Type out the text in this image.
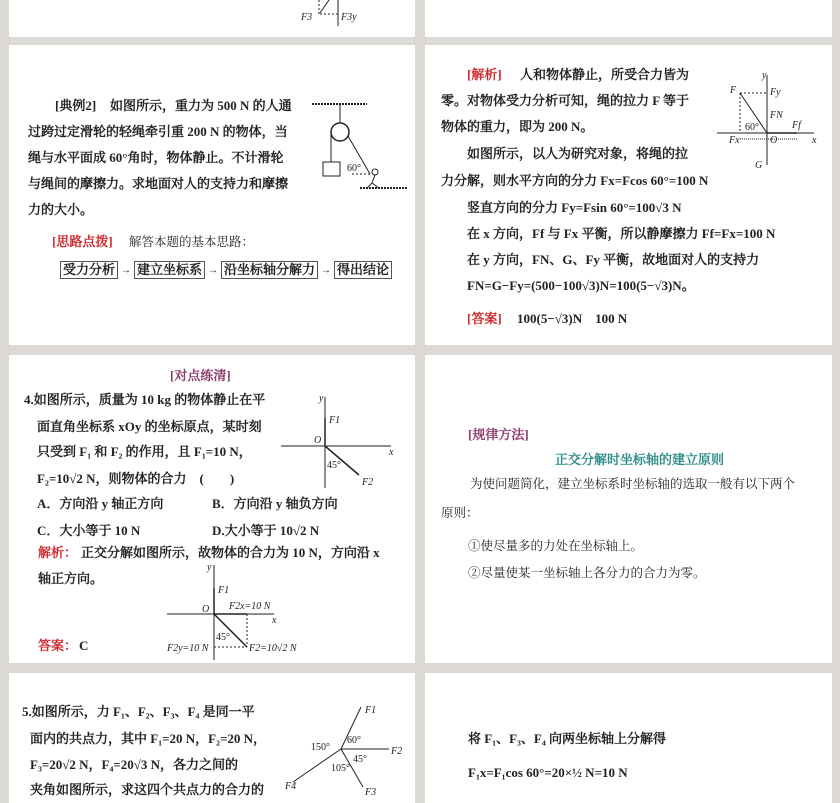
F3	F3y
[典例2] 如图所示，重力为 500 N 的人通
过跨过定滑轮的轻绳牵引重 200 N 的物体，当
绳与水平面成 60°角时，物体静止。不计滑轮
与绳间的摩擦力。求地面对人的支持力和摩擦
力的大小。
60°
[思路点拨] 解答本题的基本思路：
受力分析 → 建立坐标系 → 沿坐标轴分解力 → 得出结论
[解析] 人和物体静止，所受合力皆为
零。对物体受力分析可知，绳的拉力 F 等于
物体的重力，即为 200 N。
如图所示，以人为研究对象，将绳的拉
力分解，则水平方向的分力 Fx=Fcos 60°=100 N
竖直方向的分力 Fy=Fsin 60°=100√3 N
在 x 方向，Ff 与 Fx 平衡，所以静摩擦力 Ff=Fx=100 N
在 y 方向，FN、G、Fy 平衡，故地面对人的支持力
FN=G−Fy=(500−100√3)N=100(5−√3)N。
[答案] 100(5−√3)N　100 N
y
x
F	Fy
FN
Ff
Fx	O
G
60°
[对点练清]
4.如图所示，质量为 10 kg 的物体静止在平
面直角坐标系 xOy 的坐标原点，某时刻
只受到 F₁ 和 F₂ 的作用，且 F₁=10 N，
F₂=10√2 N，则物体的合力　(　　)
A．方向沿 y 轴正方向	B．方向沿 y 轴负方向
C．大小等于 10 N	D.大小等于 10√2 N
解析： 正交分解如图所示，故物体的合力为 10 N，方向沿 x
轴正方向。
答案： C
y
x
O
F1
F2
45°
y
x
O
F1
F2x=10 N
F2y=10 N	F2=10√2 N
45°
[规律方法]
正交分解时坐标轴的建立原则
为使问题简化，建立坐标系时坐标轴的选取一般有以下两个
原则：
①使尽量多的力处在坐标轴上。
②尽量使某一坐标轴上各分力的合力为零。
5.如图所示，力 F₁、F₂、F₃、F₄ 是同一平
面内的共点力，其中 F₁=20 N，F₂=20 N，
F₃=20√2 N，F₄=20√3 N，各力之间的
夹角如图所示，求这四个共点力的合力的
F1
F2
F3
F4
150°
60°
45°
105°
将 F₁、F₃、F₄ 向两坐标轴上分解得
F₁x=F₁cos 60°=20×½ N=10 N
